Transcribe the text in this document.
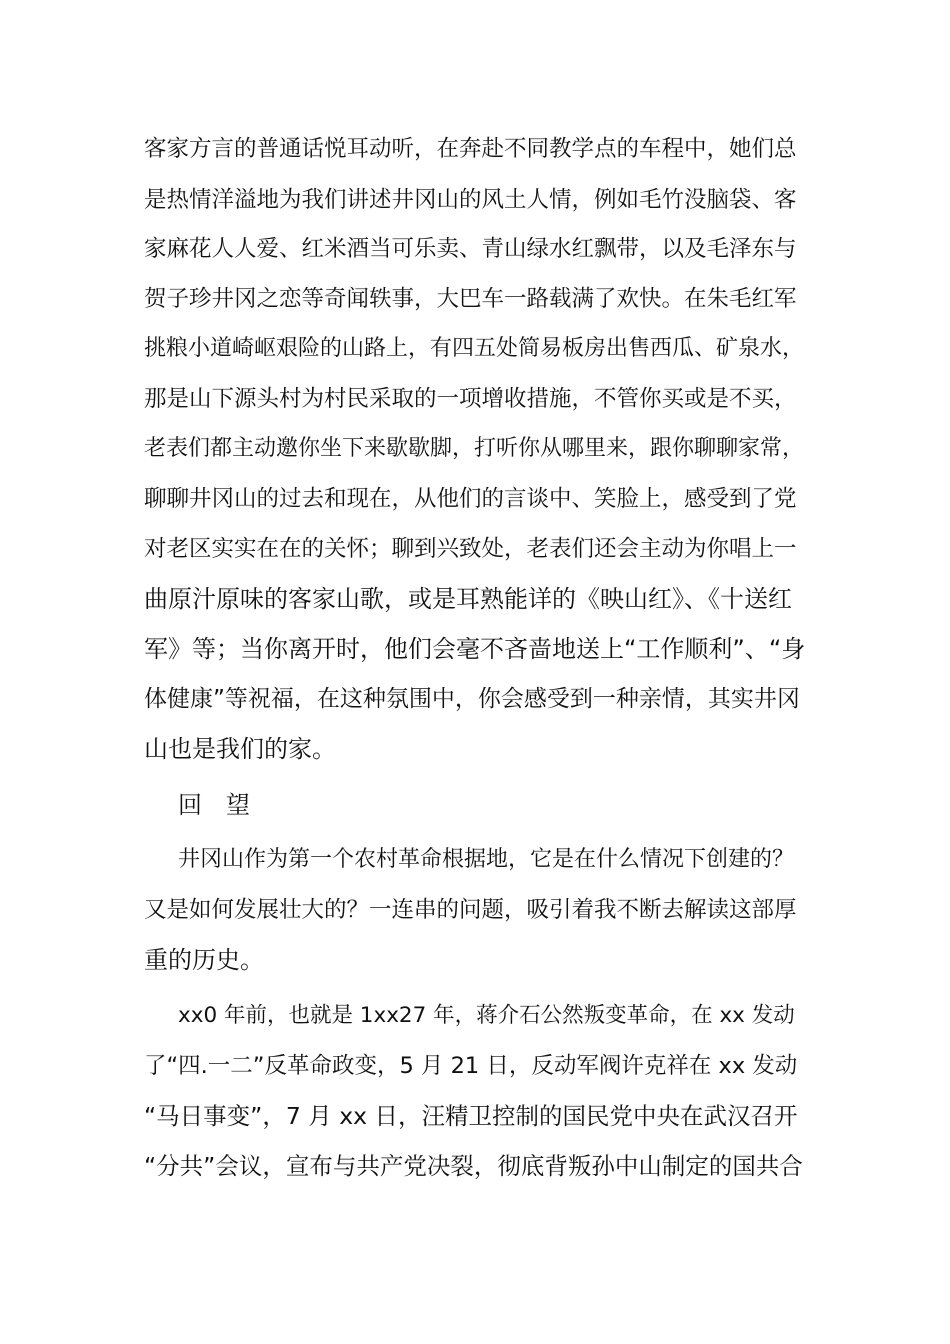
客家方言的普通话悦耳动听，在奔赴不同教学点的车程中，她们总
是热情洋溢地为我们讲述井冈山的风土人情，例如毛竹没脑袋、客
家麻花人人爱、红米酒当可乐卖、青山绿水红飘带，以及毛泽东与
贺子珍井冈之恋等奇闻轶事，大巴车一路载满了欢快。在朱毛红军
挑粮小道崎岖艰险的山路上，有四五处简易板房出售西瓜、矿泉水，
那是山下源头村为村民采取的一项增收措施，不管你买或是不买，
老表们都主动邀你坐下来歇歇脚，打听你从哪里来，跟你聊聊家常，
聊聊井冈山的过去和现在，从他们的言谈中、笑脸上，感受到了党
对老区实实在在的关怀；聊到兴致处，老表们还会主动为你唱上一
曲原汁原味的客家山歌，或是耳熟能详的《映山红》、《十送红
军》等；当你离开时，他们会毫不吝啬地送上“工作顺利”、“身
体健康”等祝福，在这种氛围中，你会感受到一种亲情，其实井冈
山也是我们的家。
回　望
井冈山作为第一个农村革命根据地，它是在什么情况下创建的？
又是如何发展壮大的？一连串的问题，吸引着我不断去解读这部厚
重的历史。
xx0 年前，也就是 1xx27 年，蒋介石公然叛变革命，在 xx 发动
了“四.一二”反革命政变，5 月 21 日，反动军阀许克祥在 xx 发动
“马日事变”，7 月 xx 日，汪精卫控制的国民党中央在武汉召开
“分共”会议，宣布与共产党决裂，彻底背叛孙中山制定的国共合
